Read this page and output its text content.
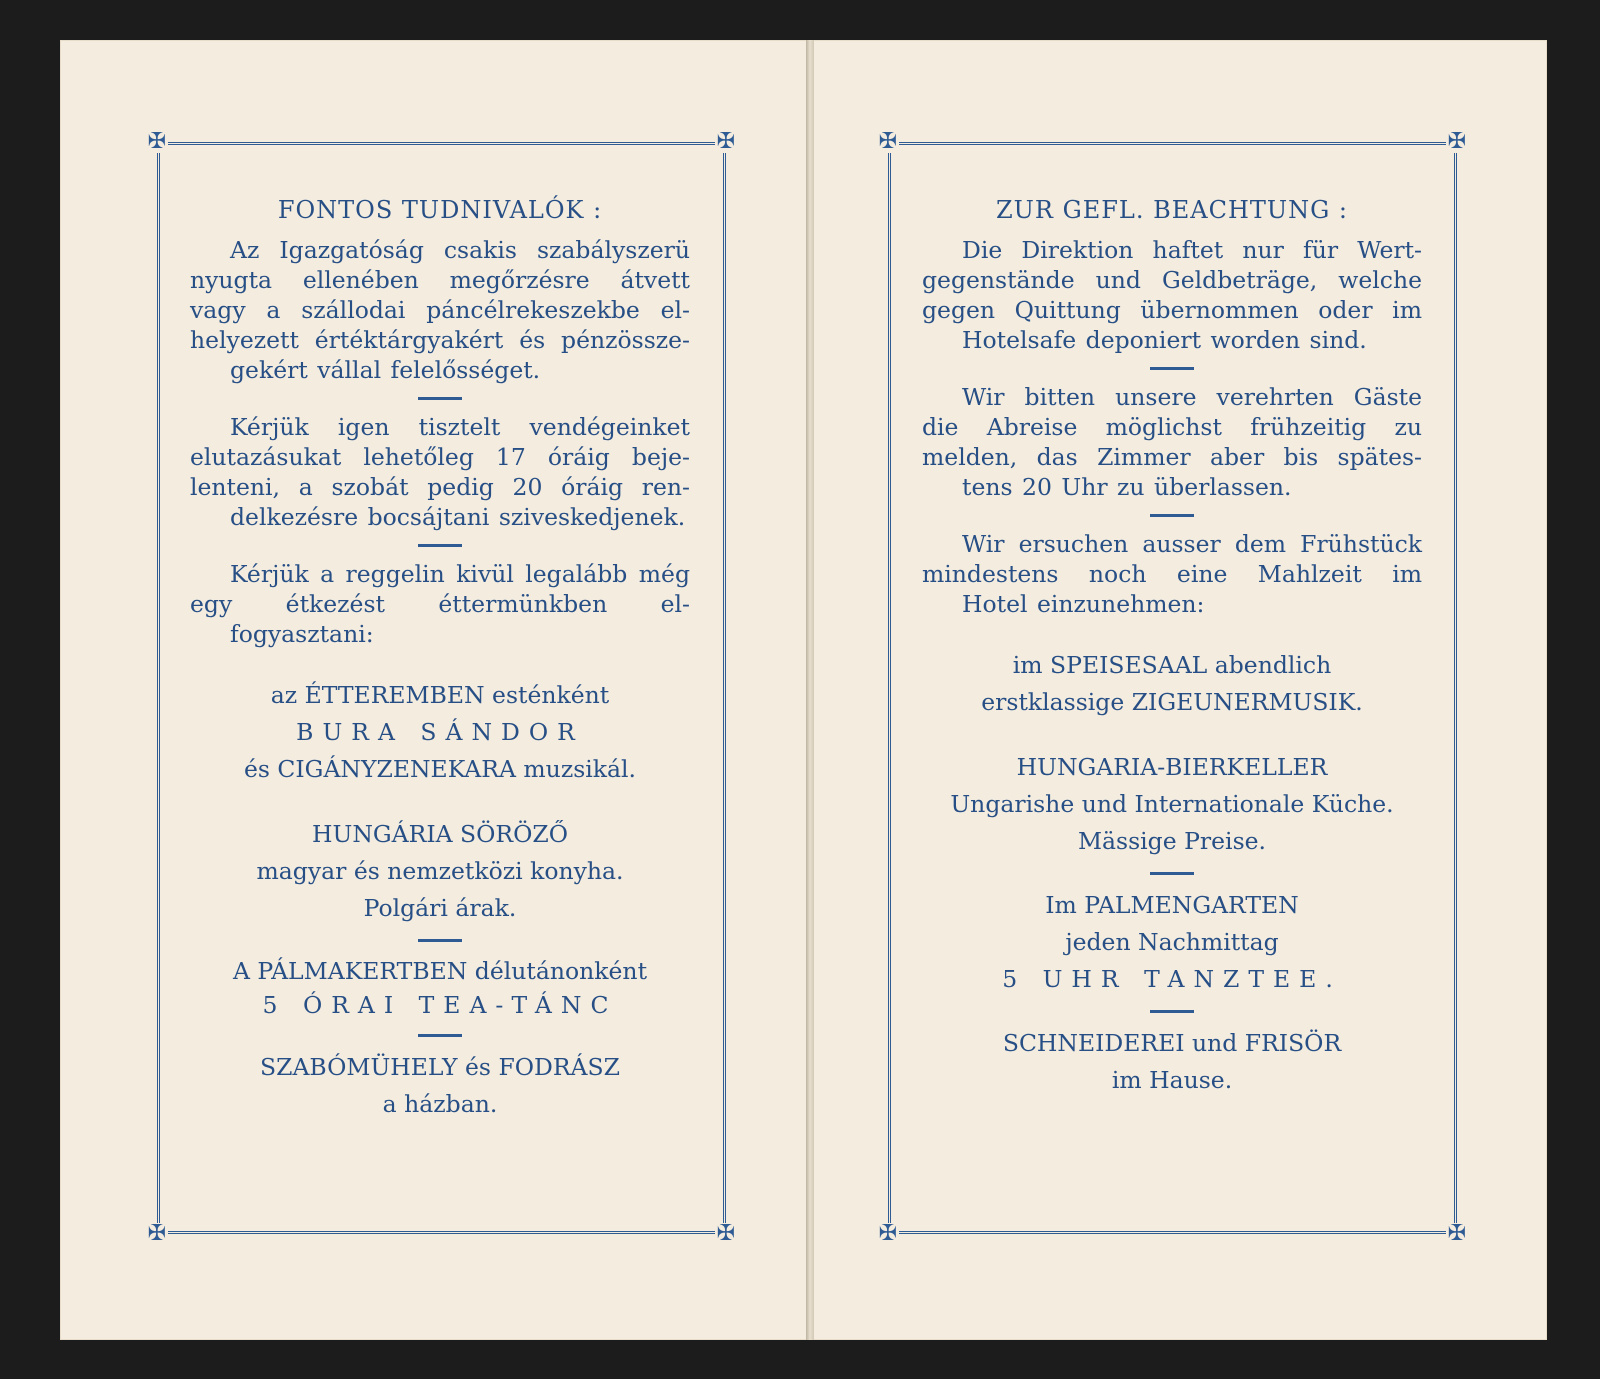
✠	✠
✠	✠
✠	✠
✠	✠
FONTOS TUDNIVALÓK :
Az Igazgatóság csakis szabályszerü nyugta ellenében megőrzésre átvett vagy a szállodai páncélrekeszekbe el- helyezett értéktárgyakért és pénzössze-
gekért vállal felelősséget.
Kérjük igen tisztelt vendégeinket elutazásukat lehetőleg 17 óráig beje- lenteni, a szobát pedig 20 óráig ren-
delkezésre bocsájtani sziveskedjenek.
Kérjük a reggelin kivül legalább még egy étkezést éttermünkben el-
fogyasztani:
az ÉTTEREMBEN esténként
BURA SÁNDOR
és CIGÁNYZENEKARA muzsikál.
HUNGÁRIA SÖRÖZŐ
magyar és nemzetközi konyha.
Polgári árak.
A PÁLMAKERTBEN délutánonként
5 ÓRAI TEA-TÁNC
SZABÓMÜHELY és FODRÁSZ
a házban.
ZUR GEFL. BEACHTUNG :
Die Direktion haftet nur für Wert- gegenstände und Geldbeträge, welche gegen Quittung übernommen oder im
Hotelsafe deponiert worden sind.
Wir bitten unsere verehrten Gäste die Abreise möglichst frühzeitig zu melden, das Zimmer aber bis spätes-
tens 20 Uhr zu überlassen.
Wir ersuchen ausser dem Frühstück mindestens noch eine Mahlzeit im
Hotel einzunehmen:
im SPEISESAAL abendlich
erstklassige ZIGEUNERMUSIK.
HUNGARIA-BIERKELLER
Ungarishe und Internationale Küche.
Mässige Preise.
Im PALMENGARTEN
jeden Nachmittag
5 UHR TANZTEE.
SCHNEIDEREI und FRISÖR
im Hause.
